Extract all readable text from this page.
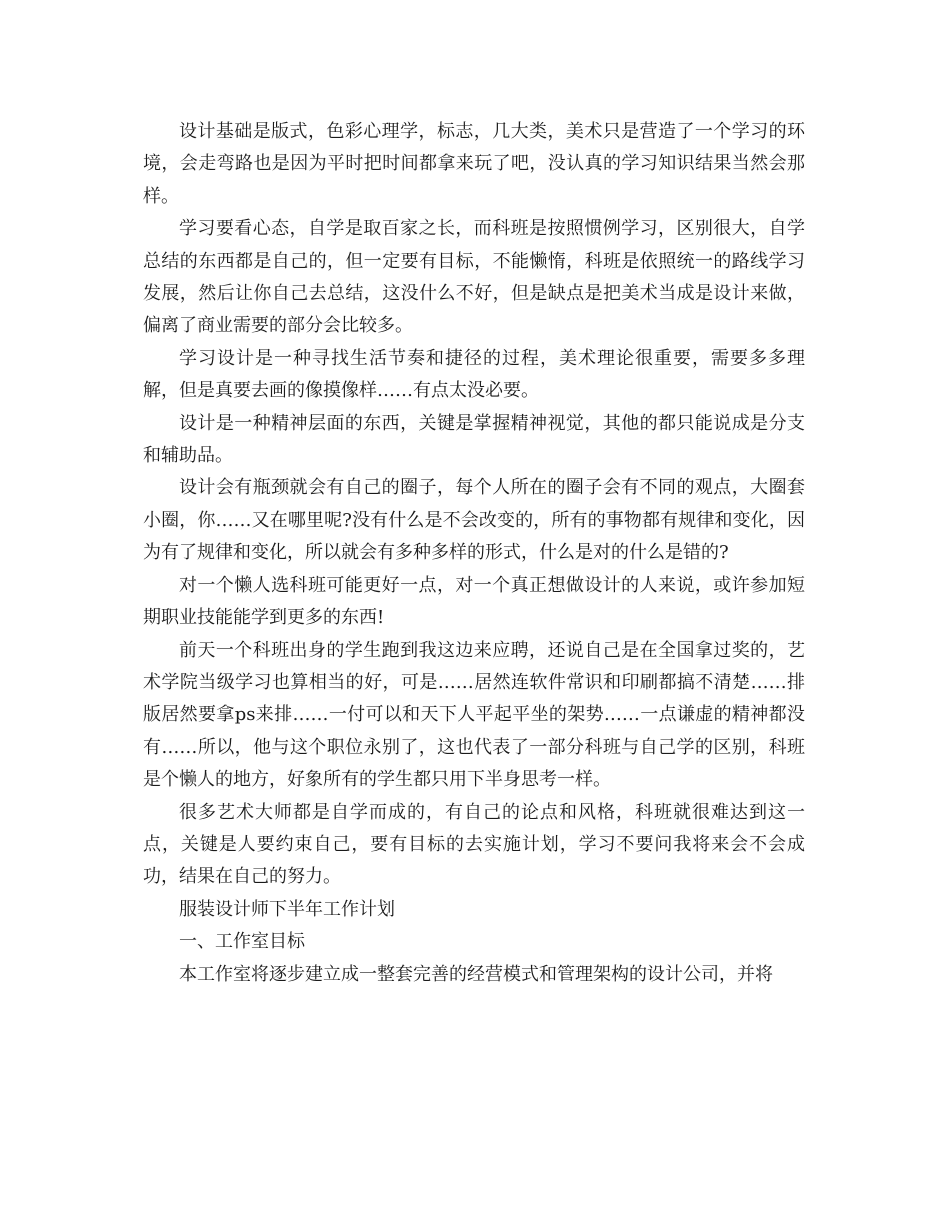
设计基础是版式，色彩心理学，标志，几大类，美术只是营造了一个学习的环境，会走弯路也是因为平时把时间都拿来玩了吧，没认真的学习知识结果当然会那样。

学习要看心态，自学是取百家之长，而科班是按照惯例学习，区别很大，自学总结的东西都是自己的，但一定要有目标，不能懒惰，科班是依照统一的路线学习发展，然后让你自己去总结，这没什么不好，但是缺点是把美术当成是设计来做，偏离了商业需要的部分会比较多。

学习设计是一种寻找生活节奏和捷径的过程，美术理论很重要，需要多多理解，但是真要去画的像摸像样……有点太没必要。

设计是一种精神层面的东西，关键是掌握精神视觉，其他的都只能说成是分支和辅助品。

设计会有瓶颈就会有自己的圈子，每个人所在的圈子会有不同的观点，大圈套小圈，你……又在哪里呢?没有什么是不会改变的，所有的事物都有规律和变化，因为有了规律和变化，所以就会有多种多样的形式，什么是对的什么是错的?

对一个懒人选科班可能更好一点，对一个真正想做设计的人来说，或许参加短期职业技能能学到更多的东西!

前天一个科班出身的学生跑到我这边来应聘，还说自己是在全国拿过奖的，艺术学院当级学习也算相当的好，可是……居然连软件常识和印刷都搞不清楚……排版居然要拿ps来排……一付可以和天下人平起平坐的架势……一点谦虚的精神都没有……所以，他与这个职位永别了，这也代表了一部分科班与自己学的区别，科班是个懒人的地方，好象所有的学生都只用下半身思考一样。

很多艺术大师都是自学而成的，有自己的论点和风格，科班就很难达到这一点，关键是人要约束自己，要有目标的去实施计划，学习不要问我将来会不会成功，结果在自己的努力。

服装设计师下半年工作计划

一、工作室目标

本工作室将逐步建立成一整套完善的经营模式和管理架构的设计公司，并将
